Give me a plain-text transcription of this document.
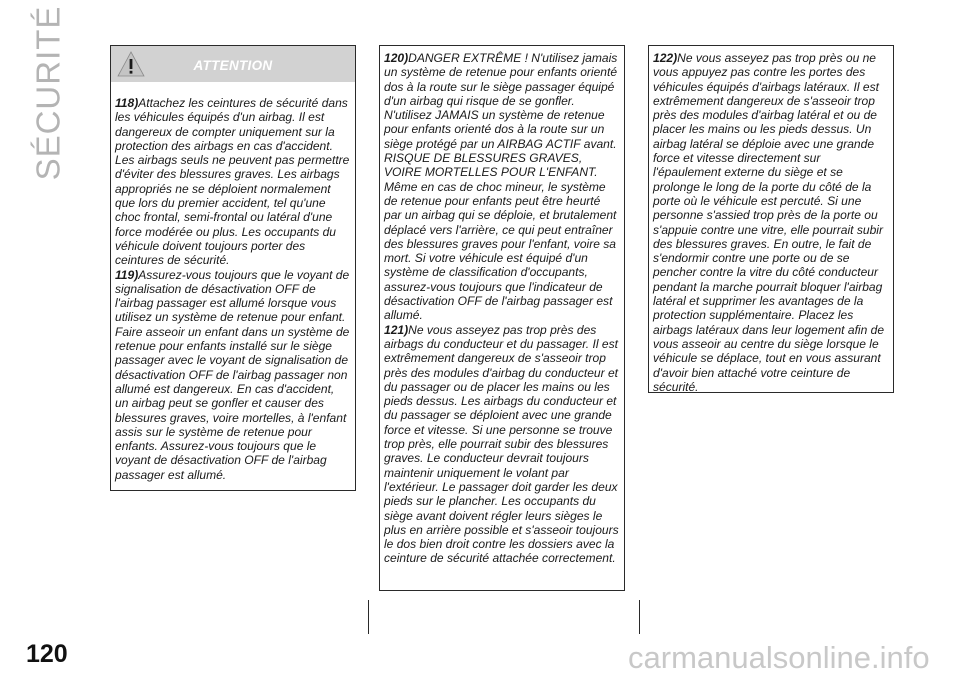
SÉCURITÉ	ATTENTION

118)Attachez les ceintures de sécurité dans les véhicules équipés d'un airbag. Il est dangereux de compter uniquement sur la protection des airbags en cas d'accident. Les airbags seuls ne peuvent pas permettre d'éviter des blessures graves. Les airbags appropriés ne se déploient normalement que lors du premier accident, tel qu'une choc frontal, semi-frontal ou latéral d'une force modérée ou plus. Les occupants du véhicule doivent toujours porter des ceintures de sécurité.

119)Assurez-vous toujours que le voyant de signalisation de désactivation OFF de l'airbag passager est allumé lorsque vous utilisez un système de retenue pour enfant. Faire asseoir un enfant dans un système de retenue pour enfants installé sur le siège passager avec le voyant de signalisation de désactivation OFF de l'airbag passager non allumé est dangereux. En cas d'accident, un airbag peut se gonfler et causer des blessures graves, voire mortelles, à l'enfant assis sur le système de retenue pour enfants. Assurez-vous toujours que le voyant de désactivation OFF de l'airbag passager est allumé.

120)DANGER EXTRÊME ! N'utilisez jamais un système de retenue pour enfants orienté dos à la route sur le siège passager équipé d'un airbag qui risque de se gonfler. N'utilisez JAMAIS un système de retenue pour enfants orienté dos à la route sur un siège protégé par un AIRBAG ACTIF avant. RISQUE DE BLESSURES GRAVES, VOIRE MORTELLES POUR L'ENFANT. Même en cas de choc mineur, le système de retenue pour enfants peut être heurté par un airbag qui se déploie, et brutalement déplacé vers l'arrière, ce qui peut entraîner des blessures graves pour l'enfant, voire sa mort. Si votre véhicule est équipé d'un système de classification d'occupants, assurez-vous toujours que l'indicateur de désactivation OFF de l'airbag passager est allumé.

121)Ne vous asseyez pas trop près des airbags du conducteur et du passager. Il est extrêmement dangereux de s'asseoir trop près des modules d'airbag du conducteur et du passager ou de placer les mains ou les pieds dessus. Les airbags du conducteur et du passager se déploient avec une grande force et vitesse. Si une personne se trouve trop près, elle pourrait subir des blessures graves. Le conducteur devrait toujours maintenir uniquement le volant par l'extérieur. Le passager doit garder les deux pieds sur le plancher. Les occupants du siège avant doivent régler leurs sièges le plus en arrière possible et s'asseoir toujours le dos bien droit contre les dossiers avec la ceinture de sécurité attachée correctement.

122)Ne vous asseyez pas trop près ou ne vous appuyez pas contre les portes des véhicules équipés d'airbags latéraux. Il est extrêmement dangereux de s'asseoir trop près des modules d'airbag latéral et ou de placer les mains ou les pieds dessus. Un airbag latéral se déploie avec une grande force et vitesse directement sur l'épaulement externe du siège et se prolonge le long de la porte du côté de la porte où le véhicule est percuté. Si une personne s'assied trop près de la porte ou s'appuie contre une vitre, elle pourrait subir des blessures graves. En outre, le fait de s'endormir contre une porte ou de se pencher contre la vitre du côté conducteur pendant la marche pourrait bloquer l'airbag latéral et supprimer les avantages de la protection supplémentaire. Placez les airbags latéraux dans leur logement afin de vous asseoir au centre du siège lorsque le véhicule se déplace, tout en vous assurant d'avoir bien attaché votre ceinture de sécurité.

120	carmanualsonline.info
